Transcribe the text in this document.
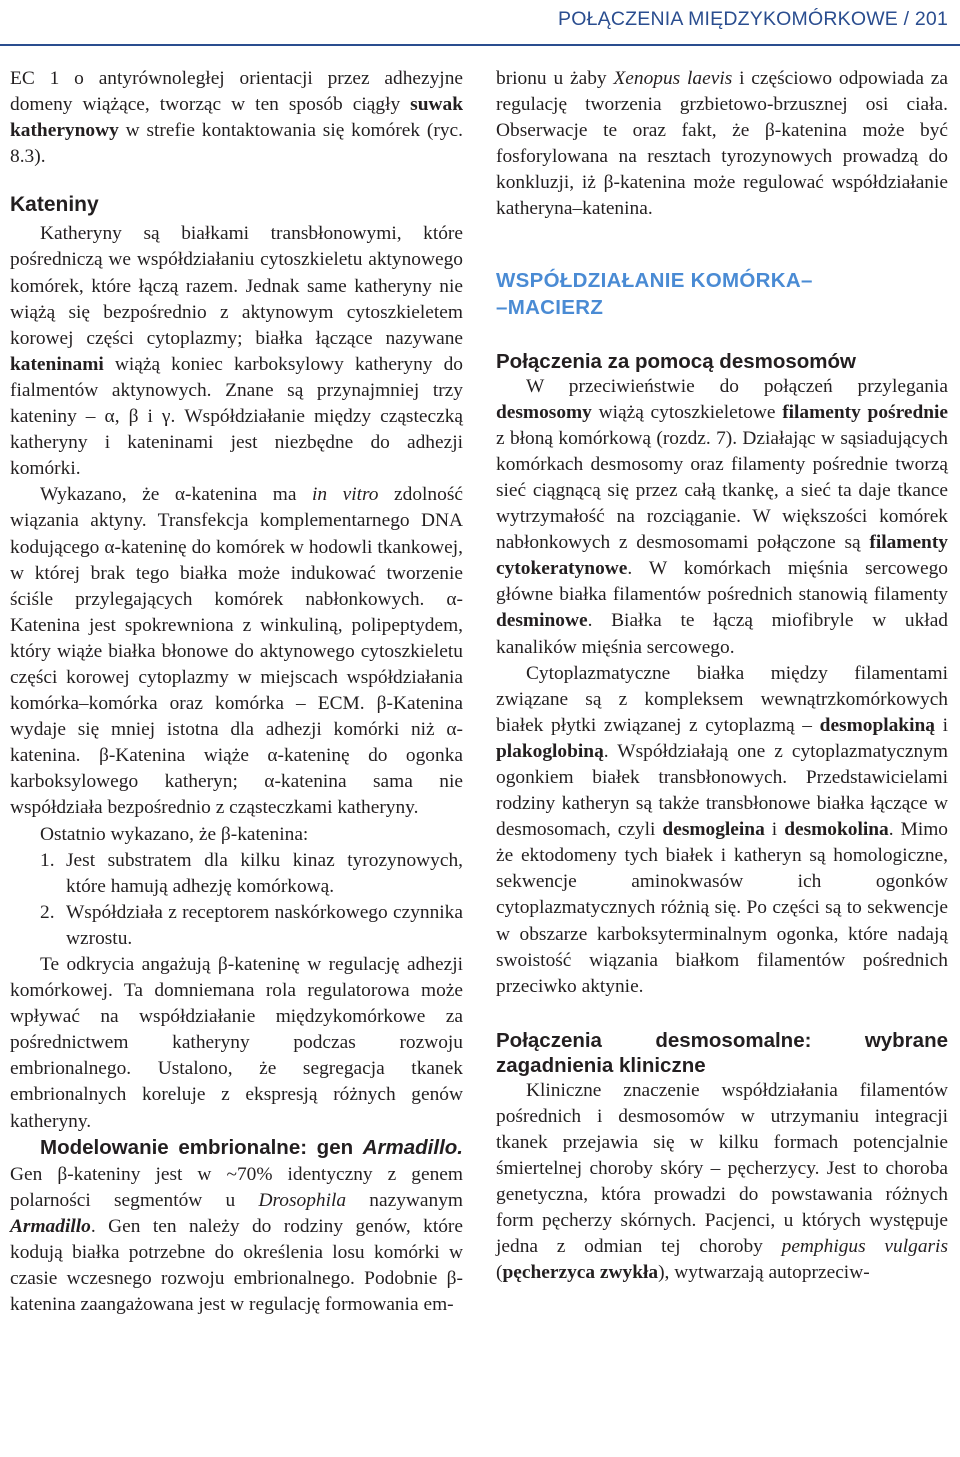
POŁĄCZENIA MIĘDZYKOMÓRKOWE / 201

EC 1 o antyrównoległej orientacji przez adhezyjne domeny wiążące, tworząc w ten sposób ciągły suwak katherynowy w strefie kontaktowania się komórek (ryc. 8.3).

Kateniny

Katheryny są białkami transbłonowymi, które pośredniczą we współdziałaniu cytoszkieletu aktynowego komórek, które łączą razem. Jednak same katheryny nie wiążą się bezpośrednio z aktynowym cytoszkieletem korowej części cytoplazmy; białka łączące nazywane kateninami wiążą koniec karboksylowy katheryny do fialmentów aktynowych. Znane są przynajmniej trzy kateniny – α, β i γ. Współdziałanie między cząsteczką katheryny i kateninami jest niezbędne do adhezji komórki.

Wykazano, że α-katenina ma in vitro zdolność wiązania aktyny. Transfekcja komplementarnego DNA kodującego α-kateninę do komórek w hodowli tkankowej, w której brak tego białka może indukować tworzenie ściśle przylegających komórek nabłonkowych. α-Katenina jest spokrewniona z winkuliną, polipeptydem, który wiąże białka błonowe do aktynowego cytoszkieletu części korowej cytoplazmy w miejscach współdziałania komórka–komórka oraz komórka – ECM. β-Katenina wydaje się mniej istotna dla adhezji komórki niż α-katenina. β-Katenina wiąże α-kateninę do ogonka karboksylowego katheryn; α-katenina sama nie współdziała bezpośrednio z cząsteczkami katheryny.

Ostatnio wykazano, że β-katenina:

1. Jest substratem dla kilku kinaz tyrozynowych, które hamują adhezję komórkową.
2. Współdziała z receptorem naskórkowego czynnika wzrostu.

Te odkrycia angażują β-kateninę w regulację adhezji komórkowej. Ta domniemana rola regulatorowa może wpływać na współdziałanie międzykomórkowe za pośrednictwem katheryny podczas rozwoju embrionalnego. Ustalono, że segregacja tkanek embrionalnych koreluje z ekspresją różnych genów katheryny.

Modelowanie embrionalne: gen Armadillo. Gen β-kateniny jest w ~70% identyczny z genem polarności segmentów u Drosophila nazywanym Armadillo. Gen ten należy do rodziny genów, które kodują białka potrzebne do określenia losu komórki w czasie wczesnego rozwoju embrionalnego. Podobnie β-katenina zaangażowana jest w regulację formowania em-

brionu u żaby Xenopus laevis i częściowo odpowiada za regulację tworzenia grzbietowo-brzusznej osi ciała. Obserwacje te oraz fakt, że β-katenina może być fosforylowana na resztach tyrozynowych prowadzą do konkluzji, iż β-katenina może regulować współdziałanie katheryna–katenina.

WSPÓŁDZIAŁANIE KOMÓRKA–
–MACIERZ
Połączenia za pomocą desmosomów

W przeciwieństwie do połączeń przylegania desmosomy wiążą cytoszkieletowe filamenty pośrednie z błoną komórkową (rozdz. 7). Działając w sąsiadujących komórkach desmosomy oraz filamenty pośrednie tworzą sieć ciągnącą się przez całą tkankę, a sieć ta daje tkance wytrzymałość na rozciąganie. W większości komórek nabłonkowych z desmosomami połączone są filamenty cytokeratynowe. W komórkach mięśnia sercowego główne białka filamentów pośrednich stanowią filamenty desminowe. Białka te łączą miofibryle w układ kanalików mięśnia sercowego.

Cytoplazmatyczne białka między filamentami związane są z kompleksem wewnątrzkomórkowych białek płytki związanej z cytoplazmą – desmoplakiną i plakoglobiną. Współdziałają one z cytoplazmatycznym ogonkiem białek transbłonowych. Przedstawicielami rodziny katheryn są także transbłonowe białka łączące w desmosomach, czyli desmogleina i desmokolina. Mimo że ektodomeny tych białek i katheryn są homologiczne, sekwencje aminokwasów ich ogonków cytoplazmatycznych różnią się. Po części są to sekwencje w obszarze karboksyterminalnym ogonka, które nadają swoistość wiązania białkom filamentów pośrednich przeciwko aktynie.

Połączenia desmosomalne: wybrane zagadnienia kliniczne

Kliniczne znaczenie współdziałania filamentów pośrednich i desmosomów w utrzymaniu integracji tkanek przejawia się w kilku formach potencjalnie śmiertelnej choroby skóry – pęcherzycy. Jest to choroba genetyczna, która prowadzi do powstawania różnych form pęcherzy skórnych. Pacjenci, u których występuje jedna z odmian tej choroby pemphigus vulgaris (pęcherzyca zwykła), wytwarzają autoprzeciw-
